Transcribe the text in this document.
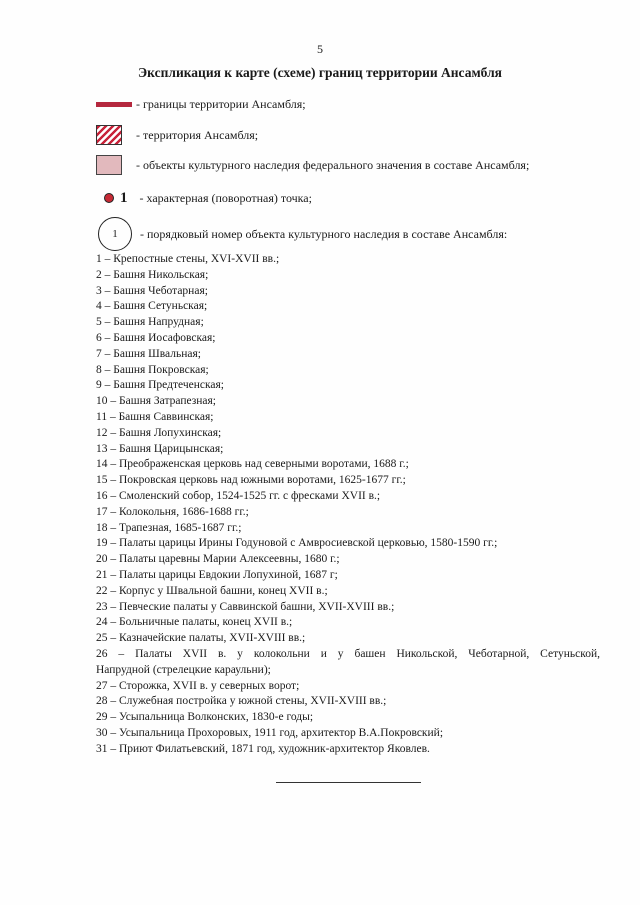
5
Экспликация к карте (схеме) границ территории Ансамбля
- границы территории Ансамбля;
- территория Ансамбля;
- объекты культурного наследия федерального значения в составе Ансамбля;
1 - характерная (поворотная) точка;
1 - порядковый номер объекта культурного наследия в составе Ансамбля:
1 – Крепостные стены, XVI-XVII вв.;
2 – Башня Никольская;
3 – Башня Чеботарная;
4 – Башня Сетуньская;
5 – Башня Напрудная;
6 – Башня Иосафовская;
7 – Башня Швальная;
8 – Башня Покровская;
9 – Башня Предтеченская;
10 – Башня Затрапезная;
11 – Башня Саввинская;
12 – Башня Лопухинская;
13 – Башня Царицынская;
14 – Преображенская церковь над северными воротами, 1688 г.;
15 – Покровская церковь над южными воротами, 1625-1677 гг.;
16 – Смоленский собор, 1524-1525 гг. с фресками XVII в.;
17 – Колокольня, 1686-1688 гг.;
18 – Трапезная, 1685-1687 гг.;
19 – Палаты царицы Ирины Годуновой с Амвросиевской церковью, 1580-1590 гг.;
20 – Палаты царевны Марии Алексеевны, 1680 г.;
21 – Палаты царицы Евдокии Лопухиной, 1687 г;
22 – Корпус у Швальной башни, конец XVII в.;
23 – Певческие палаты у Саввинской башни, XVII-XVIII вв.;
24 – Больничные палаты, конец XVII в.;
25 – Казначейские палаты, XVII-XVIII вв.;
26 – Палаты XVII в. у колокольни и у башен Никольской, Чеботарной, Сетуньской,
Напрудной (стрелецкие караульни);
27 – Сторожка, XVII в. у северных ворот;
28 – Служебная постройка у южной стены, XVII-XVIII вв.;
29 – Усыпальница Волконских, 1830-е годы;
30 – Усыпальница Прохоровых, 1911 год, архитектор В.А.Покровский;
31 – Приют Филатьевский, 1871 год, художник-архитектор Яковлев.
